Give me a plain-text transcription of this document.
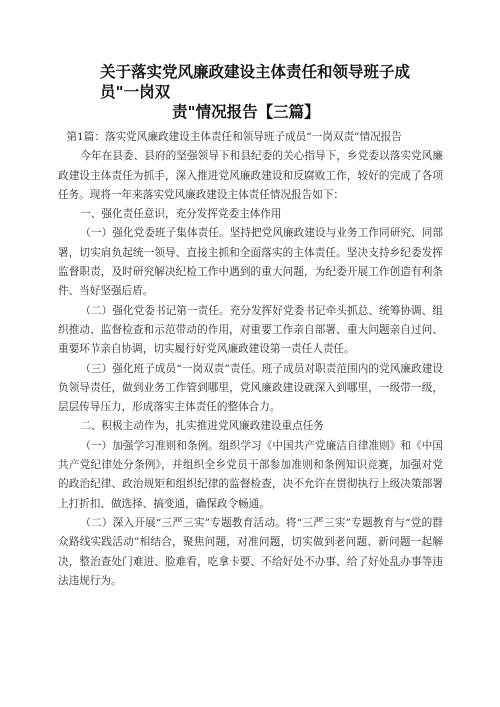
关于落实党风廉政建设主体责任和领导班子成员"一岗双
责"情况报告【三篇】

第1篇：落实党风廉政建设主体责任和领导班子成员“一岗双责”情况报告

今年在县委、县府的坚强领导下和县纪委的关心指导下，乡党委以落实党风廉政建设主体责任为抓手，深入推进党风廉政建设和反腐败工作，较好的完成了各项任务。现将一年来落实党风廉政建设主体责任情况报告如下：

一、强化责任意识，充分发挥党委主体作用

（一）强化党委班子集体责任。坚持把党风廉政建设与业务工作同研究、同部署，切实肩负起统一领导、直接主抓和全面落实的主体责任。坚决支持乡纪委发挥监督职责，及时研究解决纪检工作中遇到的重大问题，为纪委开展工作创造有利条件、当好坚强后盾。

（二）强化党委书记第一责任。充分发挥好党委书记牵头抓总、统筹协调、组织推动、监督检查和示范带动的作用，对重要工作亲自部署、重大问题亲自过问、重要环节亲自协调，切实履行好党风廉政建设第一责任人责任。

（三）强化班子成员“一岗双责”责任。班子成员对职责范围内的党风廉政建设负领导责任，做到业务工作管到哪里，党风廉政建设就深入到哪里，一级带一级，层层传导压力，形成落实主体责任的整体合力。

二、积极主动作为，扎实推进党风廉政建设重点任务

（一）加强学习准则和条例。组织学习《中国共产党廉洁自律准则》和《中国共产党纪律处分条例》，并组织全乡党员干部参加准则和条例知识竞赛，加强对党的政治纪律、政治规矩和组织纪律的监督检查，决不允许在贯彻执行上级决策部署上打折扣、做选择、搞变通，确保政令畅通。

（二）深入开展“三严三实”专题教育活动。将“三严三实”专题教育与“党的群众路线实践活动”相结合，聚焦问题，对准问题，切实做到老问题、新问题一起解决，整治查处门难进、脸难看，吃拿卡要、不给好处不办事、给了好处乱办事等违法违规行为。
